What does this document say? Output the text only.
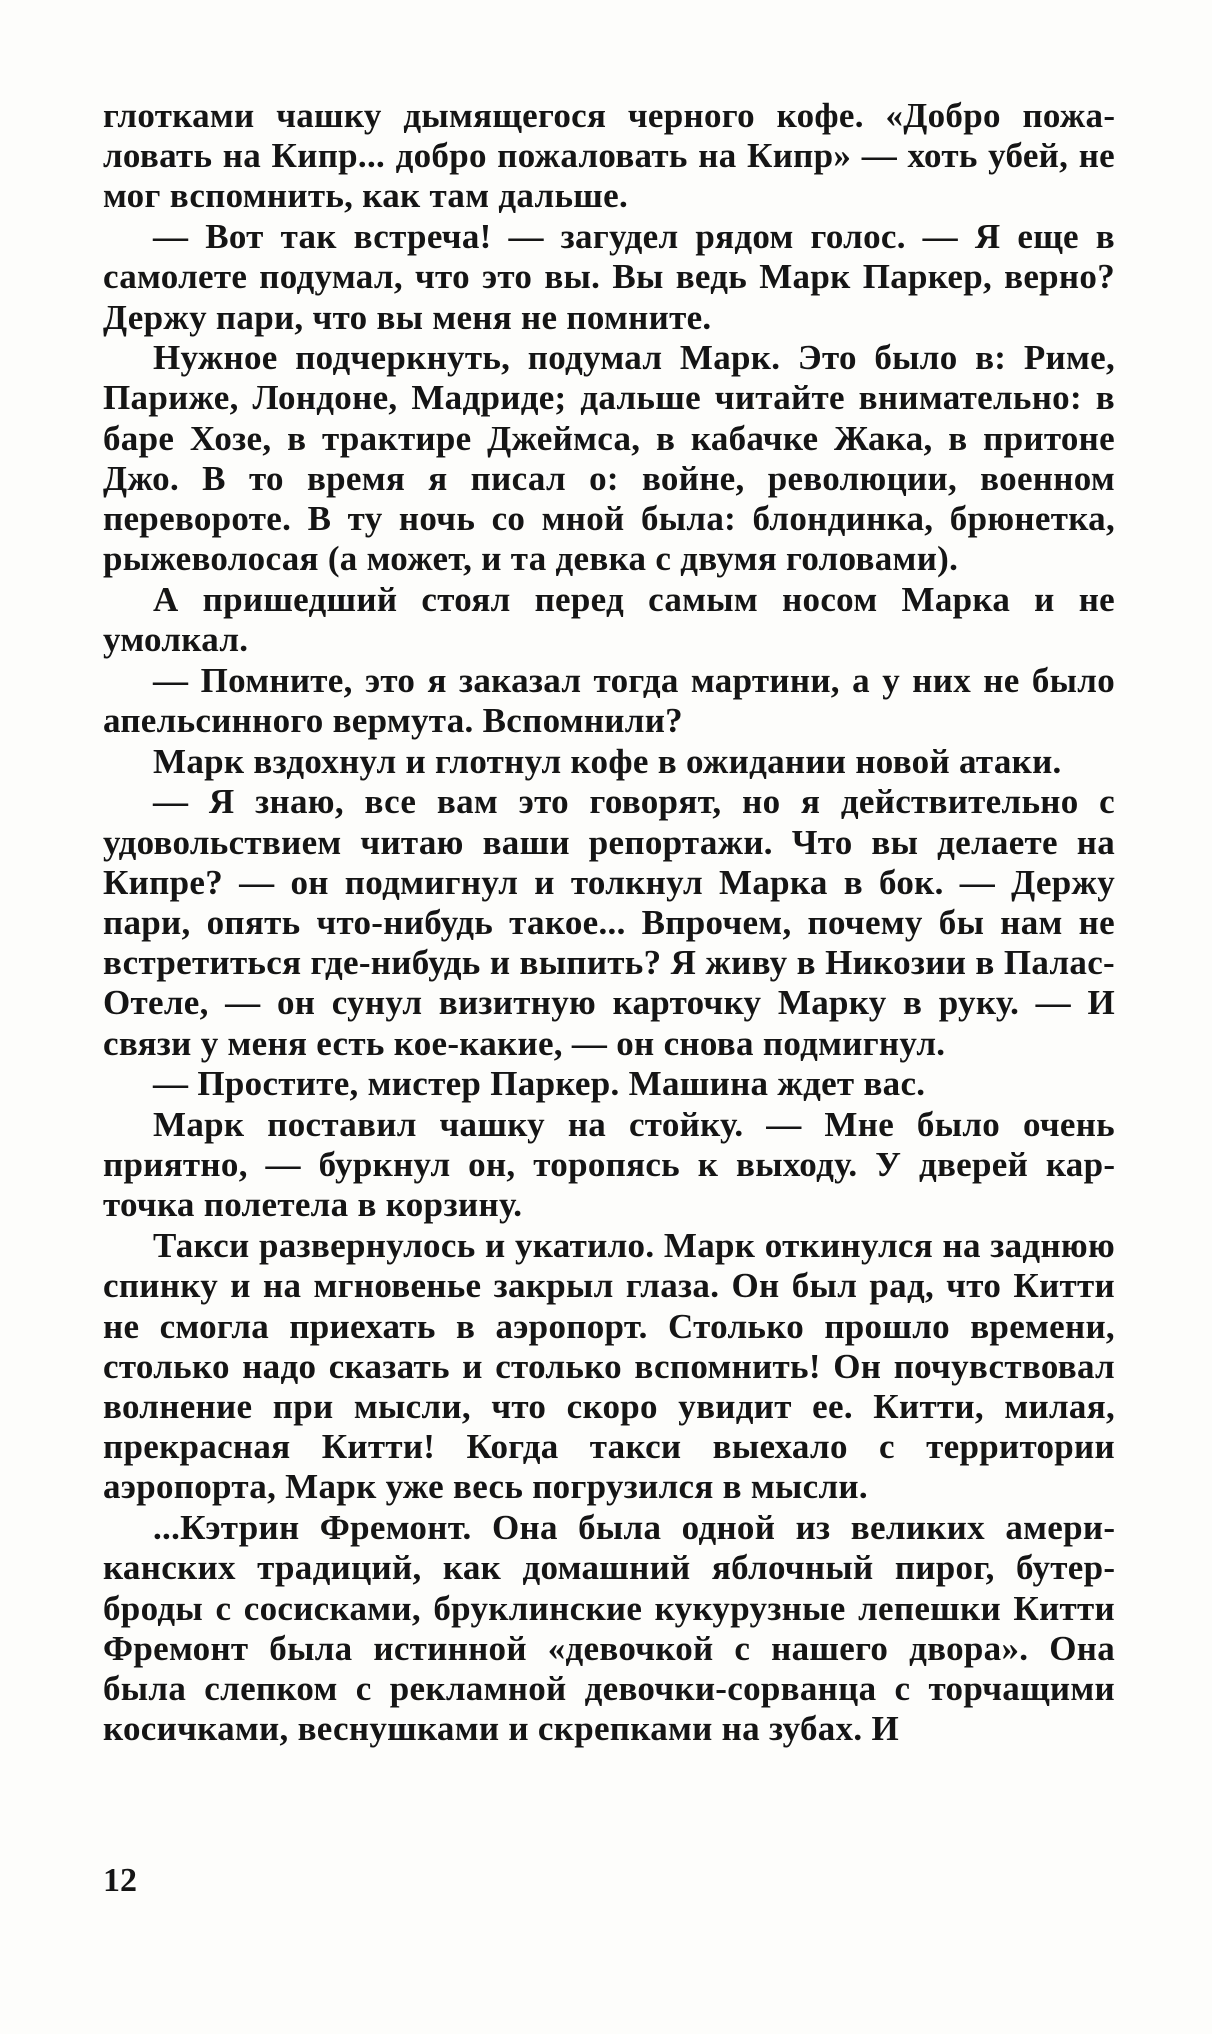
глотками чашку дымящегося черного кофе. «Добро пожаловать на Кипр... добро пожаловать на Кипр» — хоть убей, не мог вспомнить, как там дальше.

— Вот так встреча! — загудел рядом голос. — Я еще в самолете подумал, что это вы. Вы ведь Марк Паркер, верно? Держу пари, что вы меня не помните.

Нужное подчеркнуть, подумал Марк. Это было в: Риме, Париже, Лондоне, Мадриде; дальше читайте внимательно: в баре Хозе, в трактире Джеймса, в кабачке Жака, в притоне Джо. В то время я писал о: войне, революции, военном перевороте. В ту ночь со мной была: блондинка, брюнетка, рыжеволосая (а может, и та девка с двумя головами).

А пришедший стоял перед самым носом Марка и не умолкал.

— Помните, это я заказал тогда мартини, а у них не было апельсинного вермута. Вспомнили?

Марк вздохнул и глотнул кофе в ожидании новой атаки.

— Я знаю, все вам это говорят, но я действительно с удовольствием читаю ваши репортажи. Что вы делаете на Кипре? — он подмигнул и толкнул Марка в бок. — Держу пари, опять что-нибудь такое... Впрочем, почему бы нам не встретиться где-нибудь и выпить? Я живу в Никозии в Палас-Отеле, — он сунул визитную карточку Марку в руку. — И связи у меня есть кое-какие, — он снова подмигнул.

— Простите, мистер Паркер. Машина ждет вас.

Марк поставил чашку на стойку. — Мне было очень приятно, — буркнул он, торопясь к выходу. У дверей карточка полетела в корзину.

Такси развернулось и укатило. Марк откинулся на заднюю спинку и на мгновенье закрыл глаза. Он был рад, что Китти не смогла приехать в аэропорт. Столько прошло времени, столько надо сказать и столько вспомнить! Он почувствовал волнение при мысли, что скоро увидит ее. Китти, милая, прекрасная Китти! Когда такси выехало с территории аэропорта, Марк уже весь погрузился в мысли.

...Кэтрин Фремонт. Она была одной из великих американских традиций, как домашний яблочный пирог, бутерброды с сосисками, бруклинские кукурузные лепешки Китти Фремонт была истинной «девочкой с нашего двора». Она была слепком с рекламной девочки-сорванца с торчащими косичками, веснушками и скрепками на зубах. И

12
